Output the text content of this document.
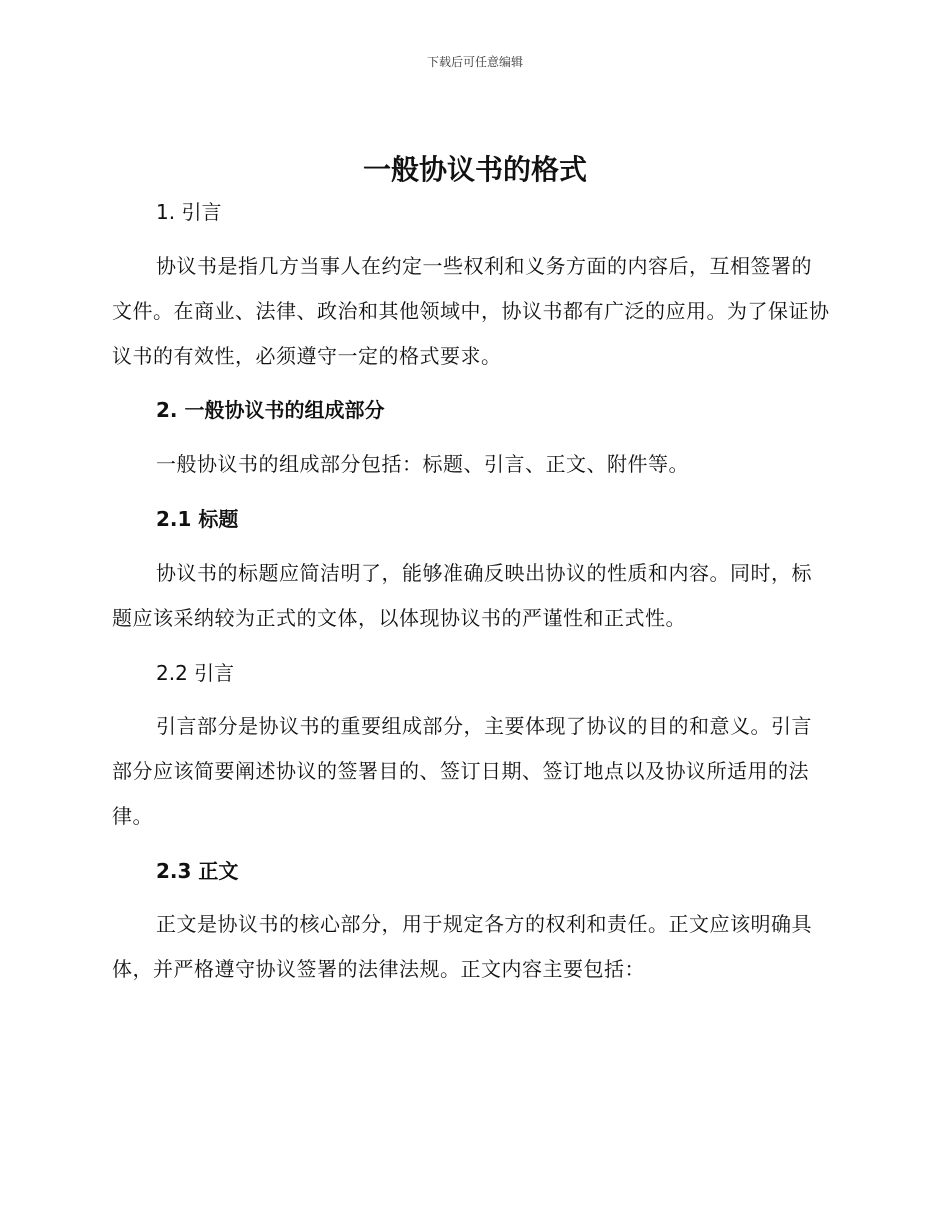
下载后可任意编辑
一般协议书的格式
1. 引言

协议书是指几方当事人在约定一些权利和义务方面的内容后，互相签署的文件。在商业、法律、政治和其他领域中，协议书都有广泛的应用。为了保证协议书的有效性，必须遵守一定的格式要求。

2. 一般协议书的组成部分

一般协议书的组成部分包括：标题、引言、正文、附件等。

2.1 标题

协议书的标题应简洁明了，能够准确反映出协议的性质和内容。同时，标题应该采纳较为正式的文体，以体现协议书的严谨性和正式性。

2.2 引言

引言部分是协议书的重要组成部分，主要体现了协议的目的和意义。引言部分应该简要阐述协议的签署目的、签订日期、签订地点以及协议所适用的法律。

2.3 正文

正文是协议书的核心部分，用于规定各方的权利和责任。正文应该明确具体，并严格遵守协议签署的法律法规。正文内容主要包括：
